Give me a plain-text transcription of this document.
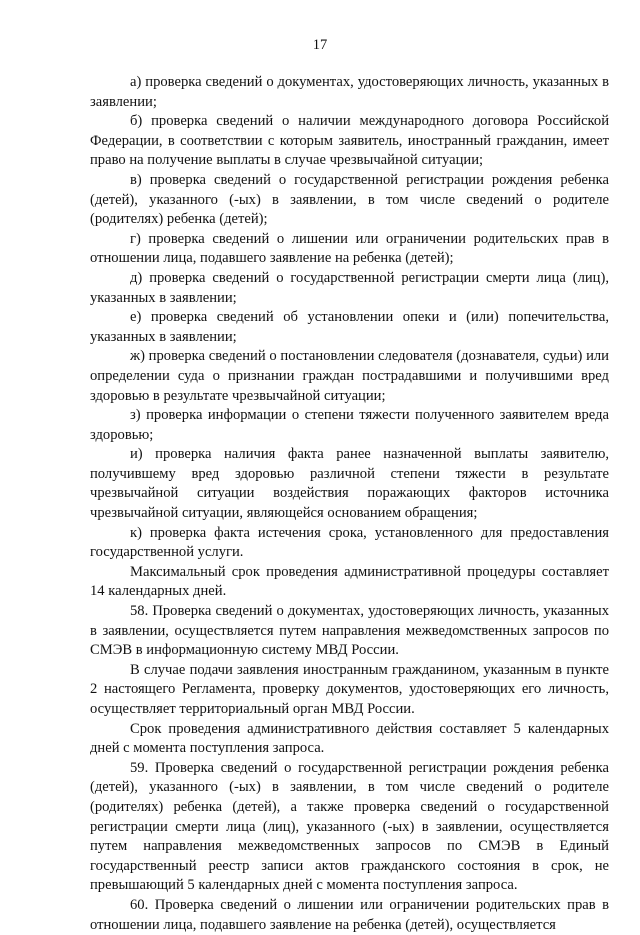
17

а) проверка сведений о документах, удостоверяющих личность, указанных в заявлении;

б) проверка сведений о наличии международного договора Российской Федерации, в соответствии с которым заявитель, иностранный гражданин, имеет право на получение выплаты в случае чрезвычайной ситуации;

в) проверка сведений о государственной регистрации рождения ребенка (детей), указанного (-ых) в заявлении, в том числе сведений о родителе (родителях) ребенка (детей);

г) проверка сведений о лишении или ограничении родительских прав в отношении лица, подавшего заявление на ребенка (детей);

д) проверка сведений о государственной регистрации смерти лица (лиц), указанных в заявлении;

е) проверка сведений об установлении опеки и (или) попечительства, указанных в заявлении;

ж) проверка сведений о постановлении следователя (дознавателя, судьи) или определении суда о признании граждан пострадавшими и получившими вред здоровью в результате чрезвычайной ситуации;

з) проверка информации о степени тяжести полученного заявителем вреда здоровью;

и) проверка наличия факта ранее назначенной выплаты заявителю, получившему вред здоровью различной степени тяжести в результате чрезвычайной ситуации воздействия поражающих факторов источника чрезвычайной ситуации, являющейся основанием обращения;

к) проверка факта истечения срока, установленного для предоставления государственной услуги.

Максимальный срок проведения административной процедуры составляет 14 календарных дней.

58. Проверка сведений о документах, удостоверяющих личность, указанных в заявлении, осуществляется путем направления межведомственных запросов по СМЭВ в информационную систему МВД России.

В случае подачи заявления иностранным гражданином, указанным в пункте 2 настоящего Регламента, проверку документов, удостоверяющих его личность, осуществляет территориальный орган МВД России.

Срок проведения административного действия составляет 5 календарных дней с момента поступления запроса.

59. Проверка сведений о государственной регистрации рождения ребенка (детей), указанного (-ых) в заявлении, в том числе сведений о родителе (родителях) ребенка (детей), а также проверка сведений о государственной регистрации смерти лица (лиц), указанного (-ых) в заявлении, осуществляется путем направления межведомственных запросов по СМЭВ в Единый государственный реестр записи актов гражданского состояния в срок, не превышающий 5 календарных дней с момента поступления запроса.

60. Проверка сведений о лишении или ограничении родительских прав в отношении лица, подавшего заявление на ребенка (детей), осуществляется
